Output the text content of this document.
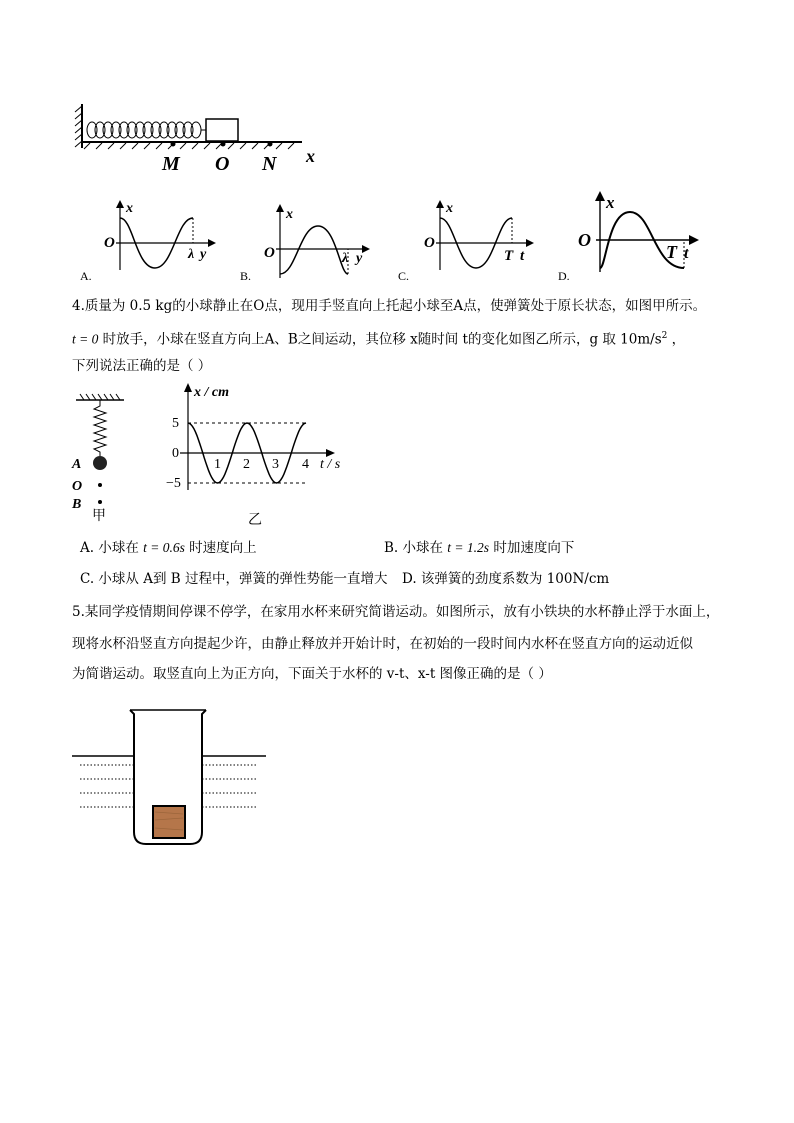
M O N x
A.
x
O
λ y
B.
x
O	λ y
C.
x
O
T t
D.
x
O
T t
4.质量为 0.5 kg的小球静止在O点，现用手竖直向上托起小球至A点，使弹簧处于原长状态，如图甲所示。
t = 0 时放手，小球在竖直方向上A、B之间运动，其位移 x随时间 t的变化如图乙所示，g 取 $10m/s^2$ ，
下列说法正确的是（ ）
A
O
B
甲
x / cm
t / s
5
0
−5
1 2 3 4
乙
A. 小球在 t = 0.6s 时速度向上	B. 小球在 t = 1.2s 时加速度向下
C. 小球从 A到 B 过程中，弹簧的弹性势能一直增大 D. 该弹簧的劲度系数为 100N/cm
5.某同学疫情期间停课不停学，在家用水杯来研究简谐运动。如图所示，放有小铁块的水杯静止浮于水面上，
现将水杯沿竖直方向提起少许，由静止释放并开始计时，在初始的一段时间内水杯在竖直方向的运动近似
为简谐运动。取竖直向上为正方向，下面关于水杯的 v-t、x-t 图像正确的是（ ）
